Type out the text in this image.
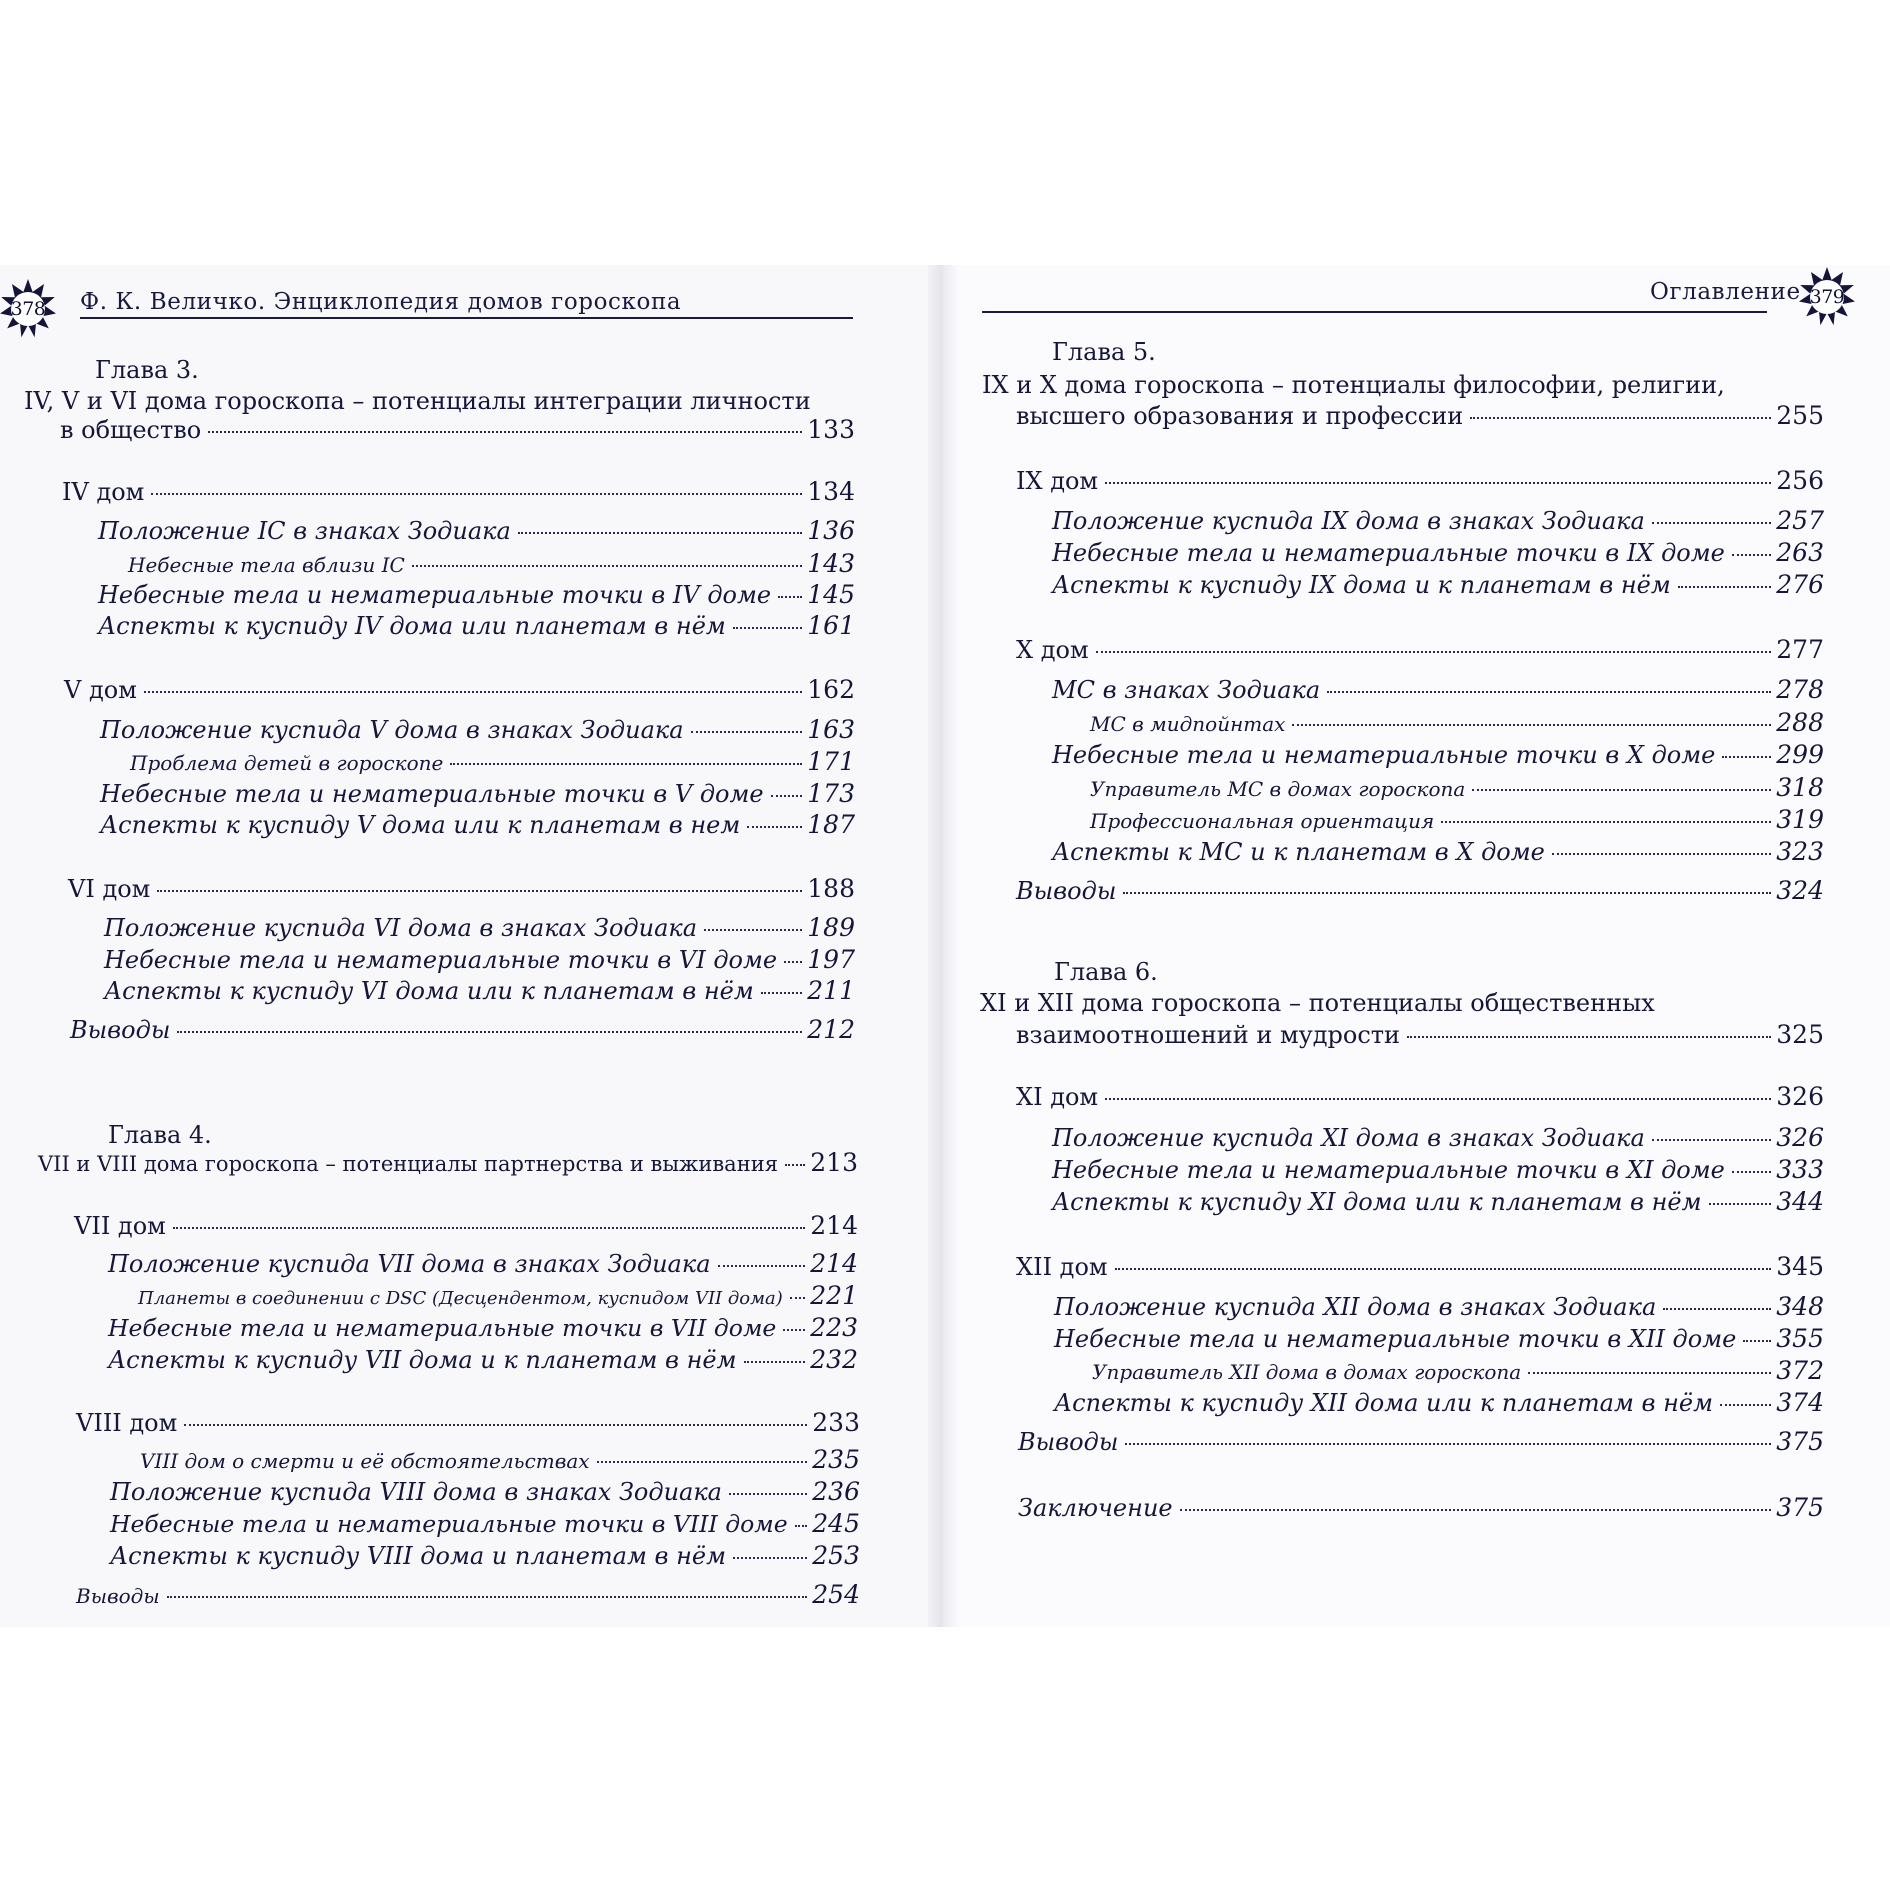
378	Ф. К. Величко. Энциклопедия домов гороскопа	Оглавление 379
Глава 3.
IV, V и VI дома гороскопа – потенциалы интеграции личности
в общество	133
IV дом	134
Положение IC в знаках Зодиака	136
Небесные тела вблизи IC	143
Небесные тела и нематериальные точки в IV доме 145
Аспекты к куспиду IV дома или планетам в нём	161
V дом	162
Положение куспида V дома в знаках Зодиака	163
Проблема детей в гороскопе	171
Небесные тела и нематериальные точки в V доме 173
Аспекты к куспиду V дома или к планетам в нем	187
VI дом	188
Положение куспида VI дома в знаках Зодиака	189
Небесные тела и нематериальные точки в VI доме 197
Аспекты к куспиду VI дома или к планетам в нём 211
Выводы	212
Глава 4.
VII и VIII дома гороскопа – потенциалы партнерства и выживания 213
VII дом	214
Положение куспида VII дома в знаках Зодиака	214
Планеты в соединении с DSC (Десцендентом, куспидом VII дома) 221
Небесные тела и нематериальные точки в VII доме 223
Аспекты к куспиду VII дома и к планетам в нём	232
VIII дом	233
VIII дом о смерти и её обстоятельствах	235
Положение куспида VIII дома в знаках Зодиака	236
Небесные тела и нематериальные точки в VIII доме 245
Аспекты к куспиду VIII дома и планетам в нём	253
Выводы	254
Глава 5.
IX и X дома гороскопа – потенциалы философии, религии,
высшего образования и профессии	255
IX дом	256
Положение куспида IX дома в знаках Зодиака	257
Небесные тела и нематериальные точки в IX доме 263
Аспекты к куспиду IX дома и к планетам в нём	276
X дом	277
МС в знаках Зодиака	278
МС в мидпойнтах	288
Небесные тела и нематериальные точки в X доме 299
Управитель МС в домах гороскопа	318
Профессиональная ориентация	319
Аспекты к МС и к планетам в X доме	323
Выводы	324
Глава 6.
XI и XII дома гороскопа – потенциалы общественных
взаимоотношений и мудрости	325
XI дом	326
Положение куспида XI дома в знаках Зодиака	326
Небесные тела и нематериальные точки в XI доме 333
Аспекты к куспиду XI дома или к планетам в нём	344
XII дом	345
Положение куспида XII дома в знаках Зодиака	348
Небесные тела и нематериальные точки в XII доме 355
Управитель XII дома в домах гороскопа	372
Аспекты к куспиду XII дома или к планетам в нём	374
Выводы	375
Заключение	375
